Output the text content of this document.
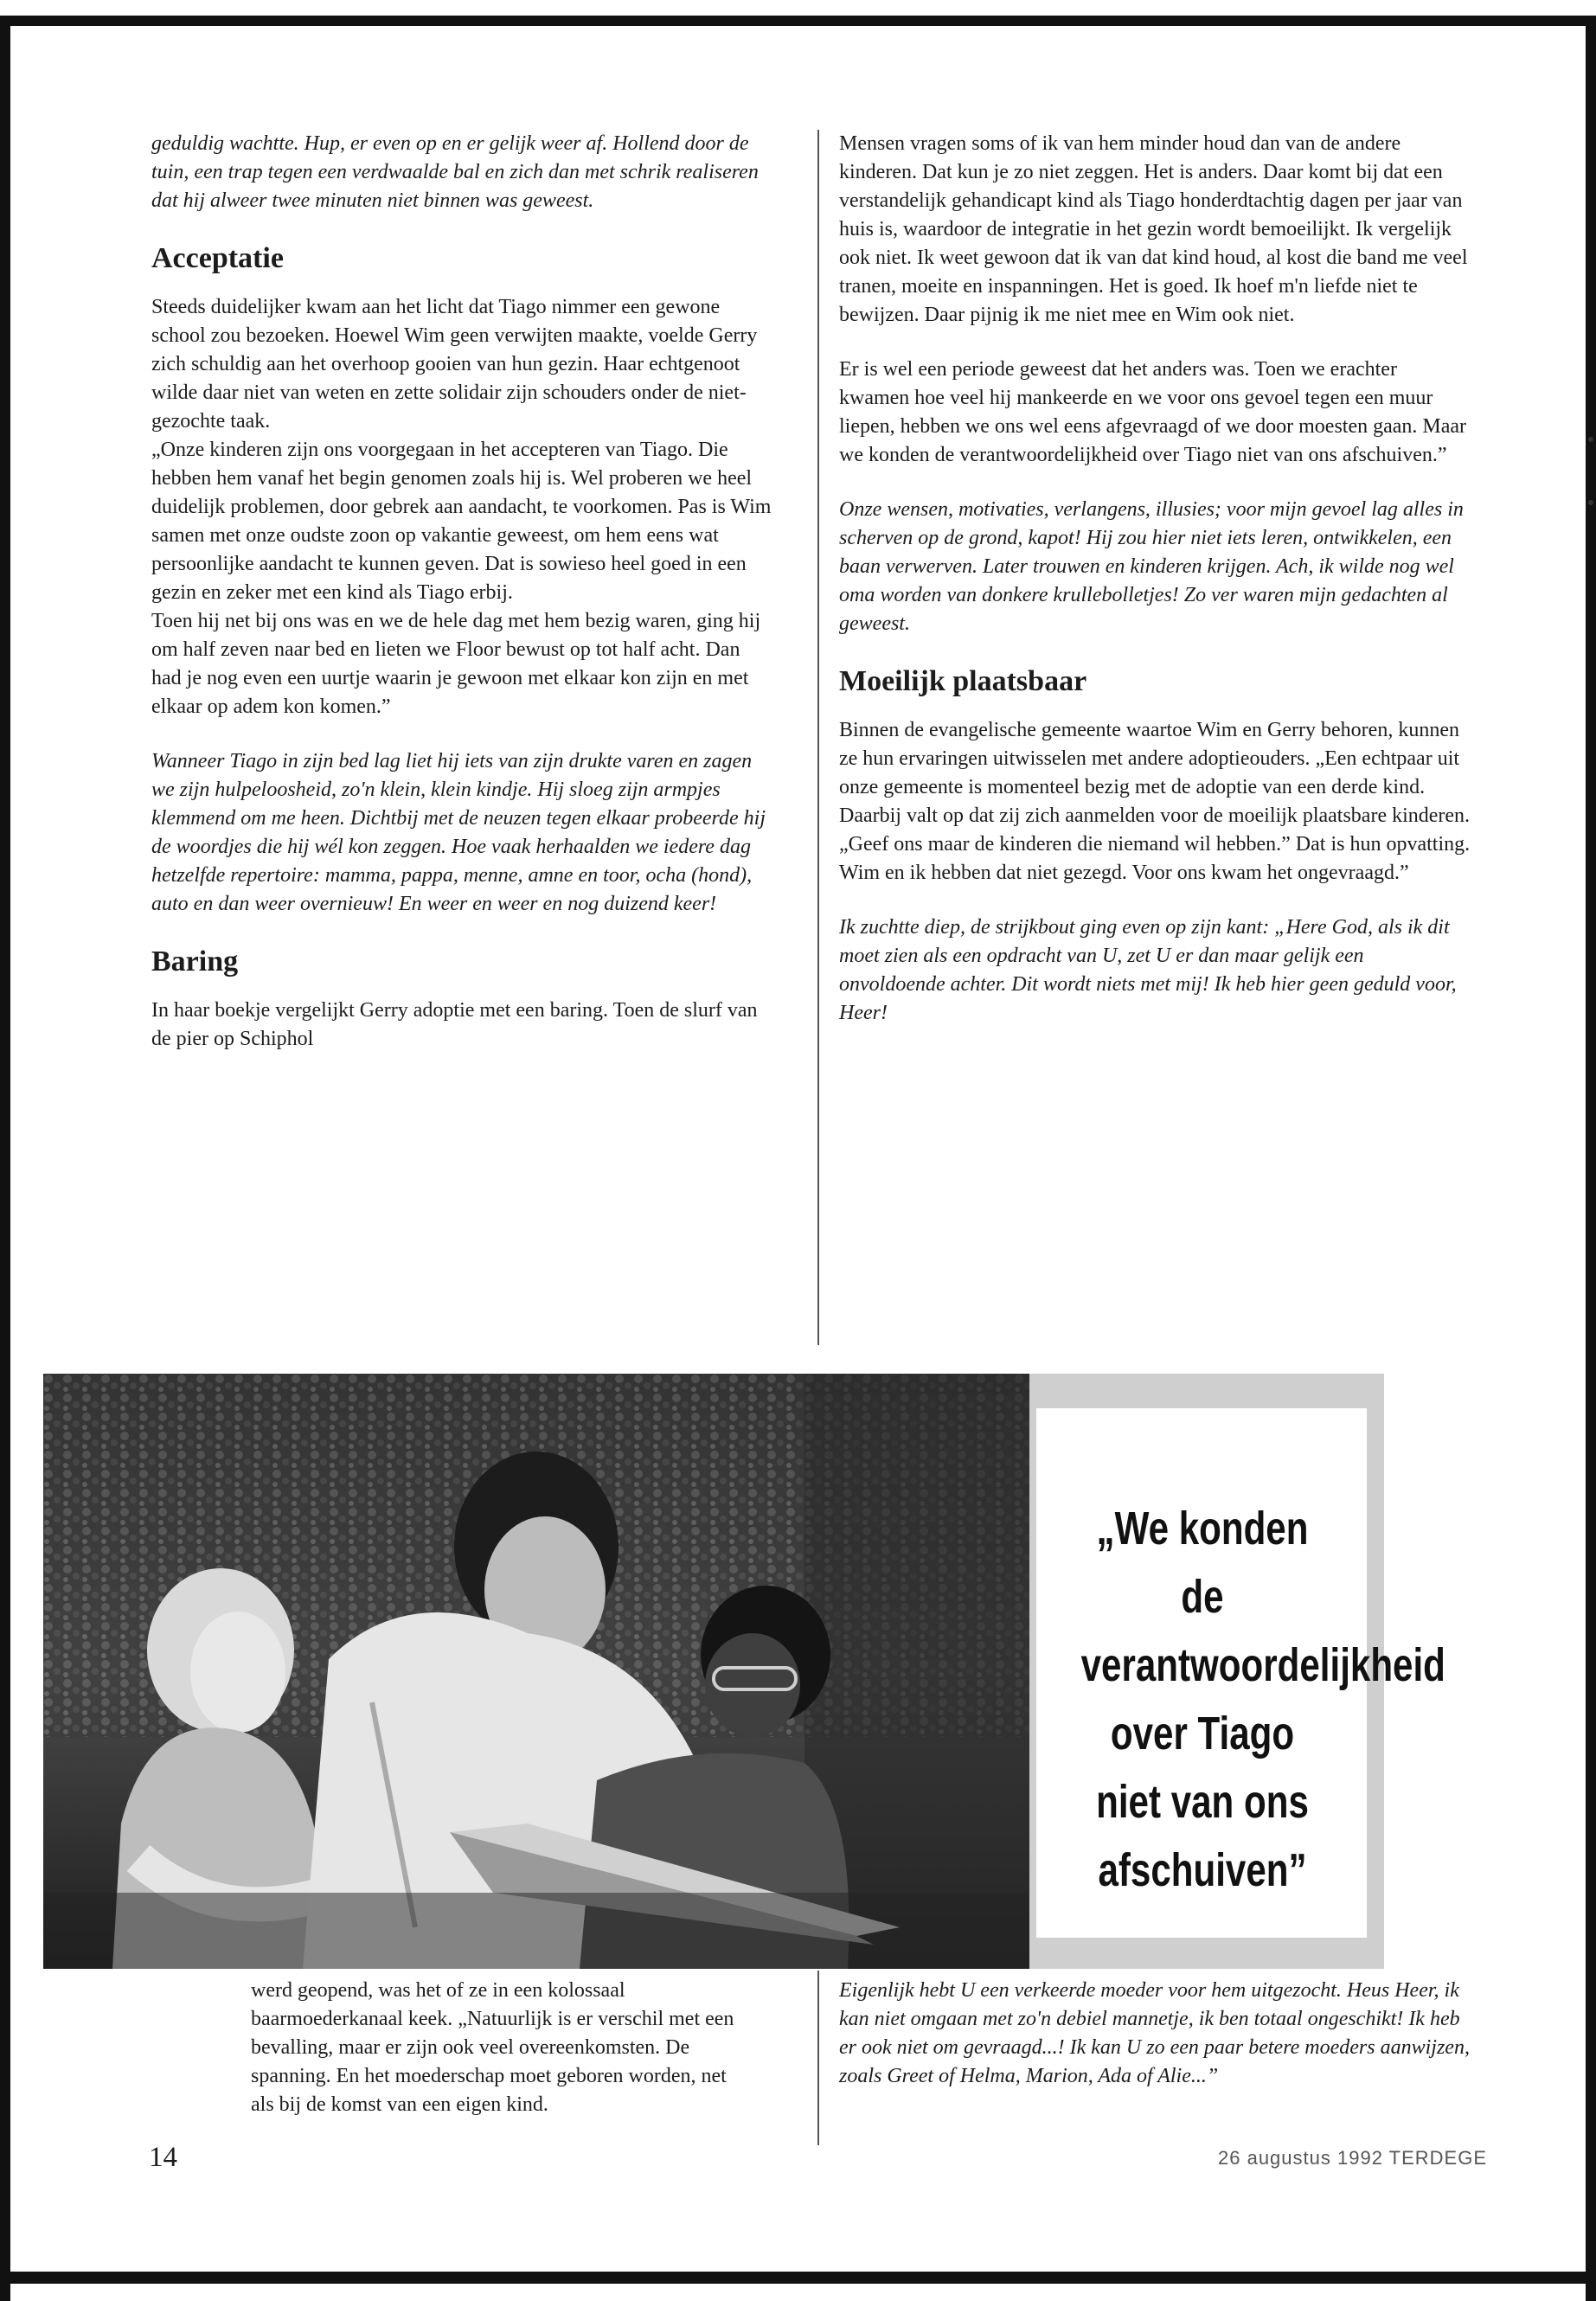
geduldig wachtte. Hup, er even op en er gelijk weer af. Hollend door de tuin, een trap tegen een verdwaalde bal en zich dan met schrik realiseren dat hij alweer twee minuten niet binnen was geweest.

Acceptatie

Steeds duidelijker kwam aan het licht dat Tiago nimmer een gewone school zou bezoeken. Hoewel Wim geen verwijten maakte, voelde Gerry zich schuldig aan het overhoop gooien van hun gezin. Haar echtgenoot wilde daar niet van weten en zette solidair zijn schouders onder de niet-gezochte taak.

„Onze kinderen zijn ons voorgegaan in het accepteren van Tiago. Die hebben hem vanaf het begin genomen zoals hij is. Wel proberen we heel duidelijk problemen, door gebrek aan aandacht, te voorkomen. Pas is Wim samen met onze oudste zoon op vakantie geweest, om hem eens wat persoonlijke aandacht te kunnen geven. Dat is sowieso heel goed in een gezin en zeker met een kind als Tiago erbij.

Toen hij net bij ons was en we de hele dag met hem bezig waren, ging hij om half zeven naar bed en lieten we Floor bewust op tot half acht. Dan had je nog even een uurtje waarin je gewoon met elkaar kon zijn en met elkaar op adem kon komen.”

Wanneer Tiago in zijn bed lag liet hij iets van zijn drukte varen en zagen we zijn hulpeloosheid, zo'n klein, klein kindje. Hij sloeg zijn armpjes klemmend om me heen. Dichtbij met de neuzen tegen elkaar probeerde hij de woordjes die hij wél kon zeggen. Hoe vaak herhaalden we iedere dag hetzelfde repertoire: mamma, pappa, menne, amne en toor, ocha (hond), auto en dan weer overnieuw! En weer en weer en nog duizend keer!

Baring

In haar boekje vergelijkt Gerry adoptie met een baring. Toen de slurf van de pier op Schiphol

Mensen vragen soms of ik van hem minder houd dan van de andere kinderen. Dat kun je zo niet zeggen. Het is anders. Daar komt bij dat een verstandelijk gehandicapt kind als Tiago honderdtachtig dagen per jaar van huis is, waardoor de integratie in het gezin wordt bemoeilijkt. Ik vergelijk ook niet. Ik weet gewoon dat ik van dat kind houd, al kost die band me veel tranen, moeite en inspanningen. Het is goed. Ik hoef m'n liefde niet te bewijzen. Daar pijnig ik me niet mee en Wim ook niet.

Er is wel een periode geweest dat het anders was. Toen we erachter kwamen hoe veel hij mankeerde en we voor ons gevoel tegen een muur liepen, hebben we ons wel eens afgevraagd of we door moesten gaan. Maar we konden de verantwoordelijkheid over Tiago niet van ons afschuiven.”

Onze wensen, motivaties, verlangens, illusies; voor mijn gevoel lag alles in scherven op de grond, kapot! Hij zou hier niet iets leren, ontwikkelen, een baan verwerven. Later trouwen en kinderen krijgen. Ach, ik wilde nog wel oma worden van donkere krullebolletjes! Zo ver waren mijn gedachten al geweest.

Moeilijk plaatsbaar

Binnen de evangelische gemeente waartoe Wim en Gerry behoren, kunnen ze hun ervaringen uitwisselen met andere adoptieouders. „Een echtpaar uit onze gemeente is momenteel bezig met de adoptie van een derde kind. Daarbij valt op dat zij zich aanmelden voor de moeilijk plaatsbare kinderen. „Geef ons maar de kinderen die niemand wil hebben.” Dat is hun opvatting. Wim en ik hebben dat niet gezegd. Voor ons kwam het ongevraagd.”

Ik zuchtte diep, de strijkbout ging even op zijn kant: „Here God, als ik dit moet zien als een opdracht van U, zet U er dan maar gelijk een onvoldoende achter. Dit wordt niets met mij! Ik heb hier geen geduld voor, Heer!

„We konden de verantwoordelijkheid over Tiago niet van ons afschuiven”

werd geopend, was het of ze in een kolossaal baarmoederkanaal keek. „Natuurlijk is er verschil met een bevalling, maar er zijn ook veel overeenkomsten. De spanning. En het moederschap moet geboren worden, net als bij de komst van een eigen kind.

Eigenlijk hebt U een verkeerde moeder voor hem uitgezocht. Heus Heer, ik kan niet omgaan met zo'n debiel mannetje, ik ben totaal ongeschikt! Ik heb er ook niet om gevraagd...! Ik kan U zo een paar betere moeders aanwijzen, zoals Greet of Helma, Marion, Ada of Alie...”

14	26 augustus 1992 TERDEGE
